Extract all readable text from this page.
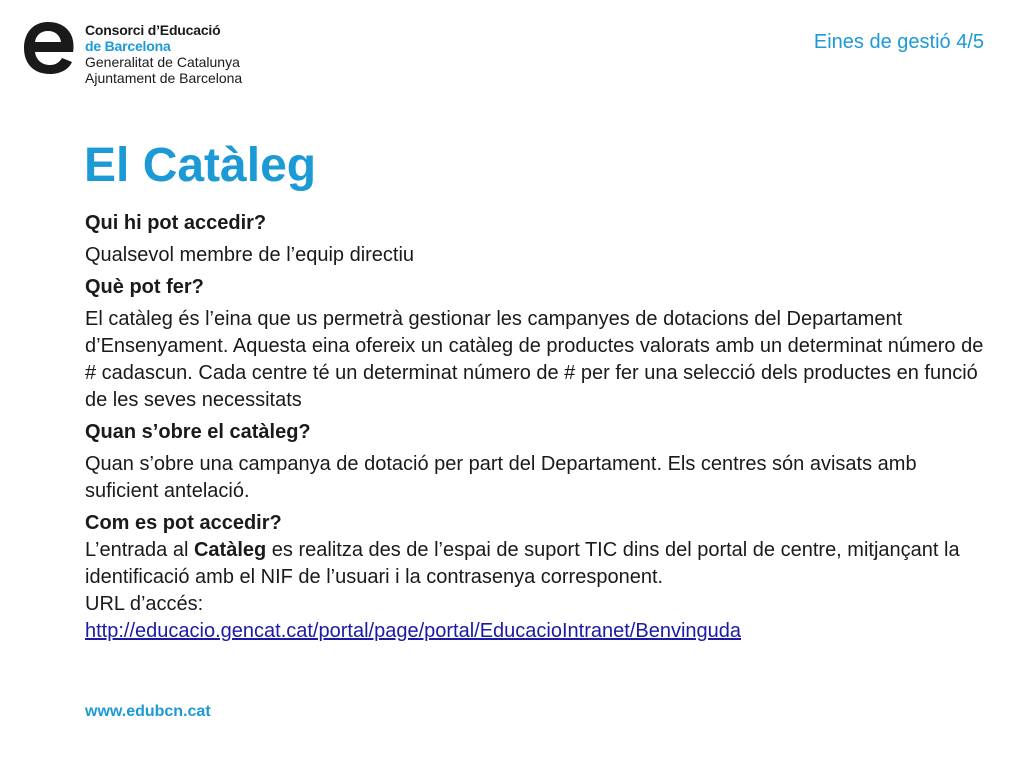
Consorci d’Educació
de Barcelona
Generalitat de Catalunya
Ajuntament de Barcelona
Eines de gestió 4/5
El Catàleg

Qui hi pot accedir?

Qualsevol membre de l’equip directiu

Què pot fer?

El catàleg és l’eina que us permetrà gestionar les campanyes de dotacions del Departament d’Ensenyament. Aquesta eina ofereix un catàleg de productes valorats amb un determinat número de # cadascun. Cada centre té un determinat número de # per fer una selecció dels productes en funció de les seves necessitats

Quan s’obre el catàleg?

Quan s’obre una campanya de dotació per part del Departament. Els centres són avisats amb suficient antelació.

Com es pot accedir?

L’entrada al Catàleg es realitza des de l’espai de suport TIC dins del portal de centre, mitjançant la identificació amb el NIF de l’usuari i la contrasenya corresponent.

URL d’accés:

http://educacio.gencat.cat/portal/page/portal/EducacioIntranet/Benvinguda

www.edubcn.cat
